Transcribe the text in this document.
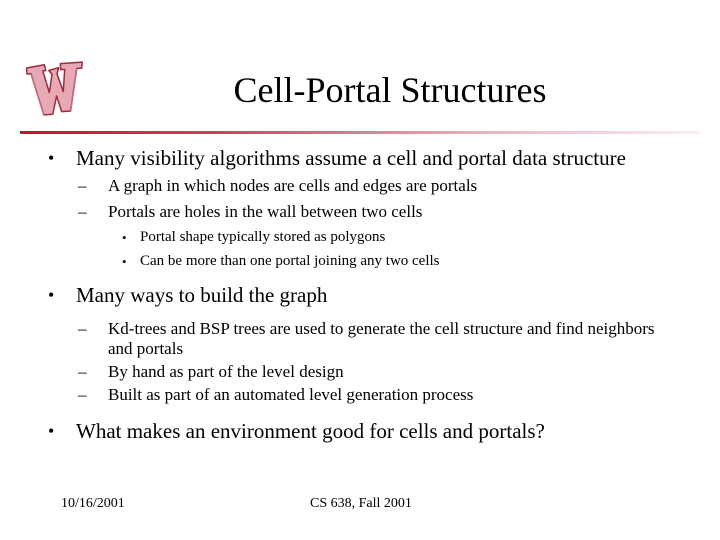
Cell-Portal Structures
• Many visibility algorithms assume a cell and portal data structure
– A graph in which nodes are cells and edges are portals
– Portals are holes in the wall between two cells
• Portal shape typically stored as polygons
• Can be more than one portal joining any two cells
• Many ways to build the graph
– Kd-trees and BSP trees are used to generate the cell structure and find neighbors and portals
– By hand as part of the level design
– Built as part of an automated level generation process
• What makes an environment good for cells and portals?
10/16/2001	CS 638, Fall 2001
